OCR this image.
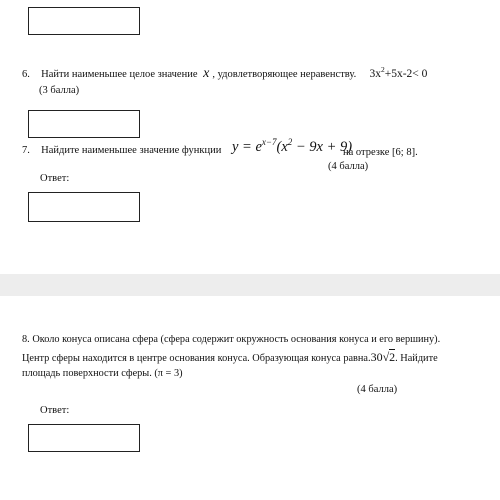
6. Найти наименьшее целое значение x , удовлетворяющее неравенству. $3x^2+5x-2< 0$
(3 балла)
7. Найдите наименьшее значение функции $y = e^{x-7}(x^2 - 9x + 9)$
на отрезке [6; 8].
(4 балла)
Ответ:
8. Около конуса описана сфера (сфера содержит окружность основания конуса и его вершину).
Центр сферы находится в центре основания конуса. Образующая конуса равна.30√2. Найдите
площадь поверхности сферы. (π = 3)
(4 балла)
Ответ:
